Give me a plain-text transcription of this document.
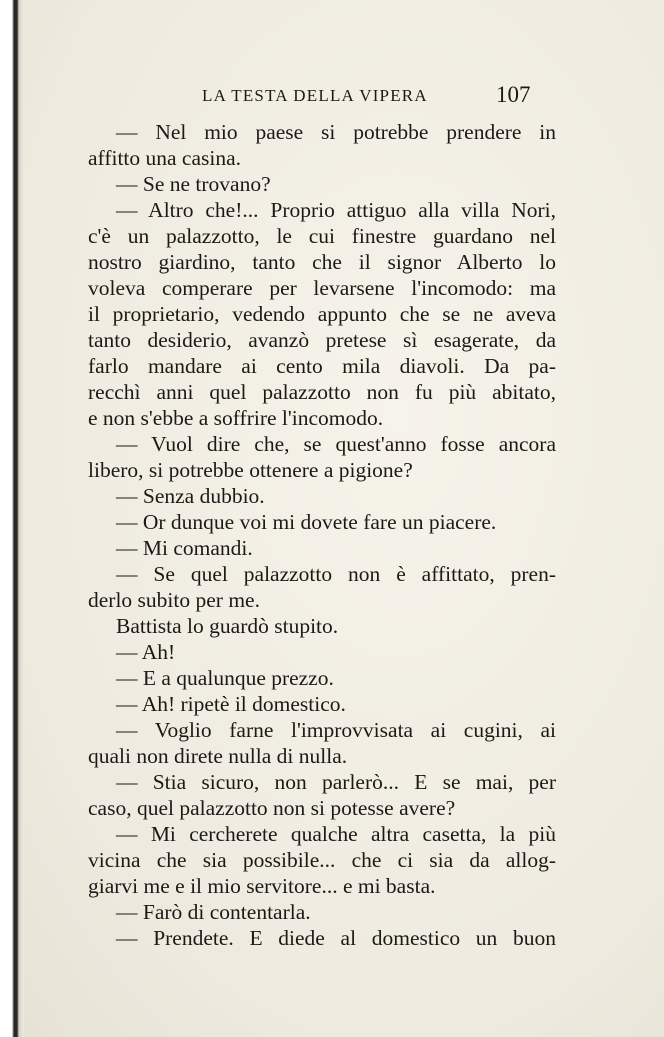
LA TESTA DELLA VIPERA	107
— Nel mio paese si potrebbe prendere in
affitto una casina.
— Se ne trovano?
— Altro che!... Proprio attiguo alla villa Nori,
c'è un palazzotto, le cui finestre guardano nel
nostro giardino, tanto che il signor Alberto lo
voleva comperare per levarsene l'incomodo: ma
il proprietario, vedendo appunto che se ne aveva
tanto desiderio, avanzò pretese sì esagerate, da
farlo mandare ai cento mila diavoli. Da pa-
recchì anni quel palazzotto non fu più abitato,
e non s'ebbe a soffrire l'incomodo.
— Vuol dire che, se quest'anno fosse ancora
libero, si potrebbe ottenere a pigione?
— Senza dubbio.
— Or dunque voi mi dovete fare un piacere.
— Mi comandi.
— Se quel palazzotto non è affittato, pren-
derlo subito per me.
Battista lo guardò stupito.
— Ah!
— E a qualunque prezzo.
— Ah! ripetè il domestico.
— Voglio farne l'improvvisata ai cugini, ai
quali non direte nulla di nulla.
— Stia sicuro, non parlerò... E se mai, per
caso, quel palazzotto non si potesse avere?
— Mi cercherete qualche altra casetta, la più
vicina che sia possibile... che ci sia da allog-
giarvi me e il mio servitore... e mi basta.
— Farò di contentarla.
— Prendete. E diede al domestico un buon
